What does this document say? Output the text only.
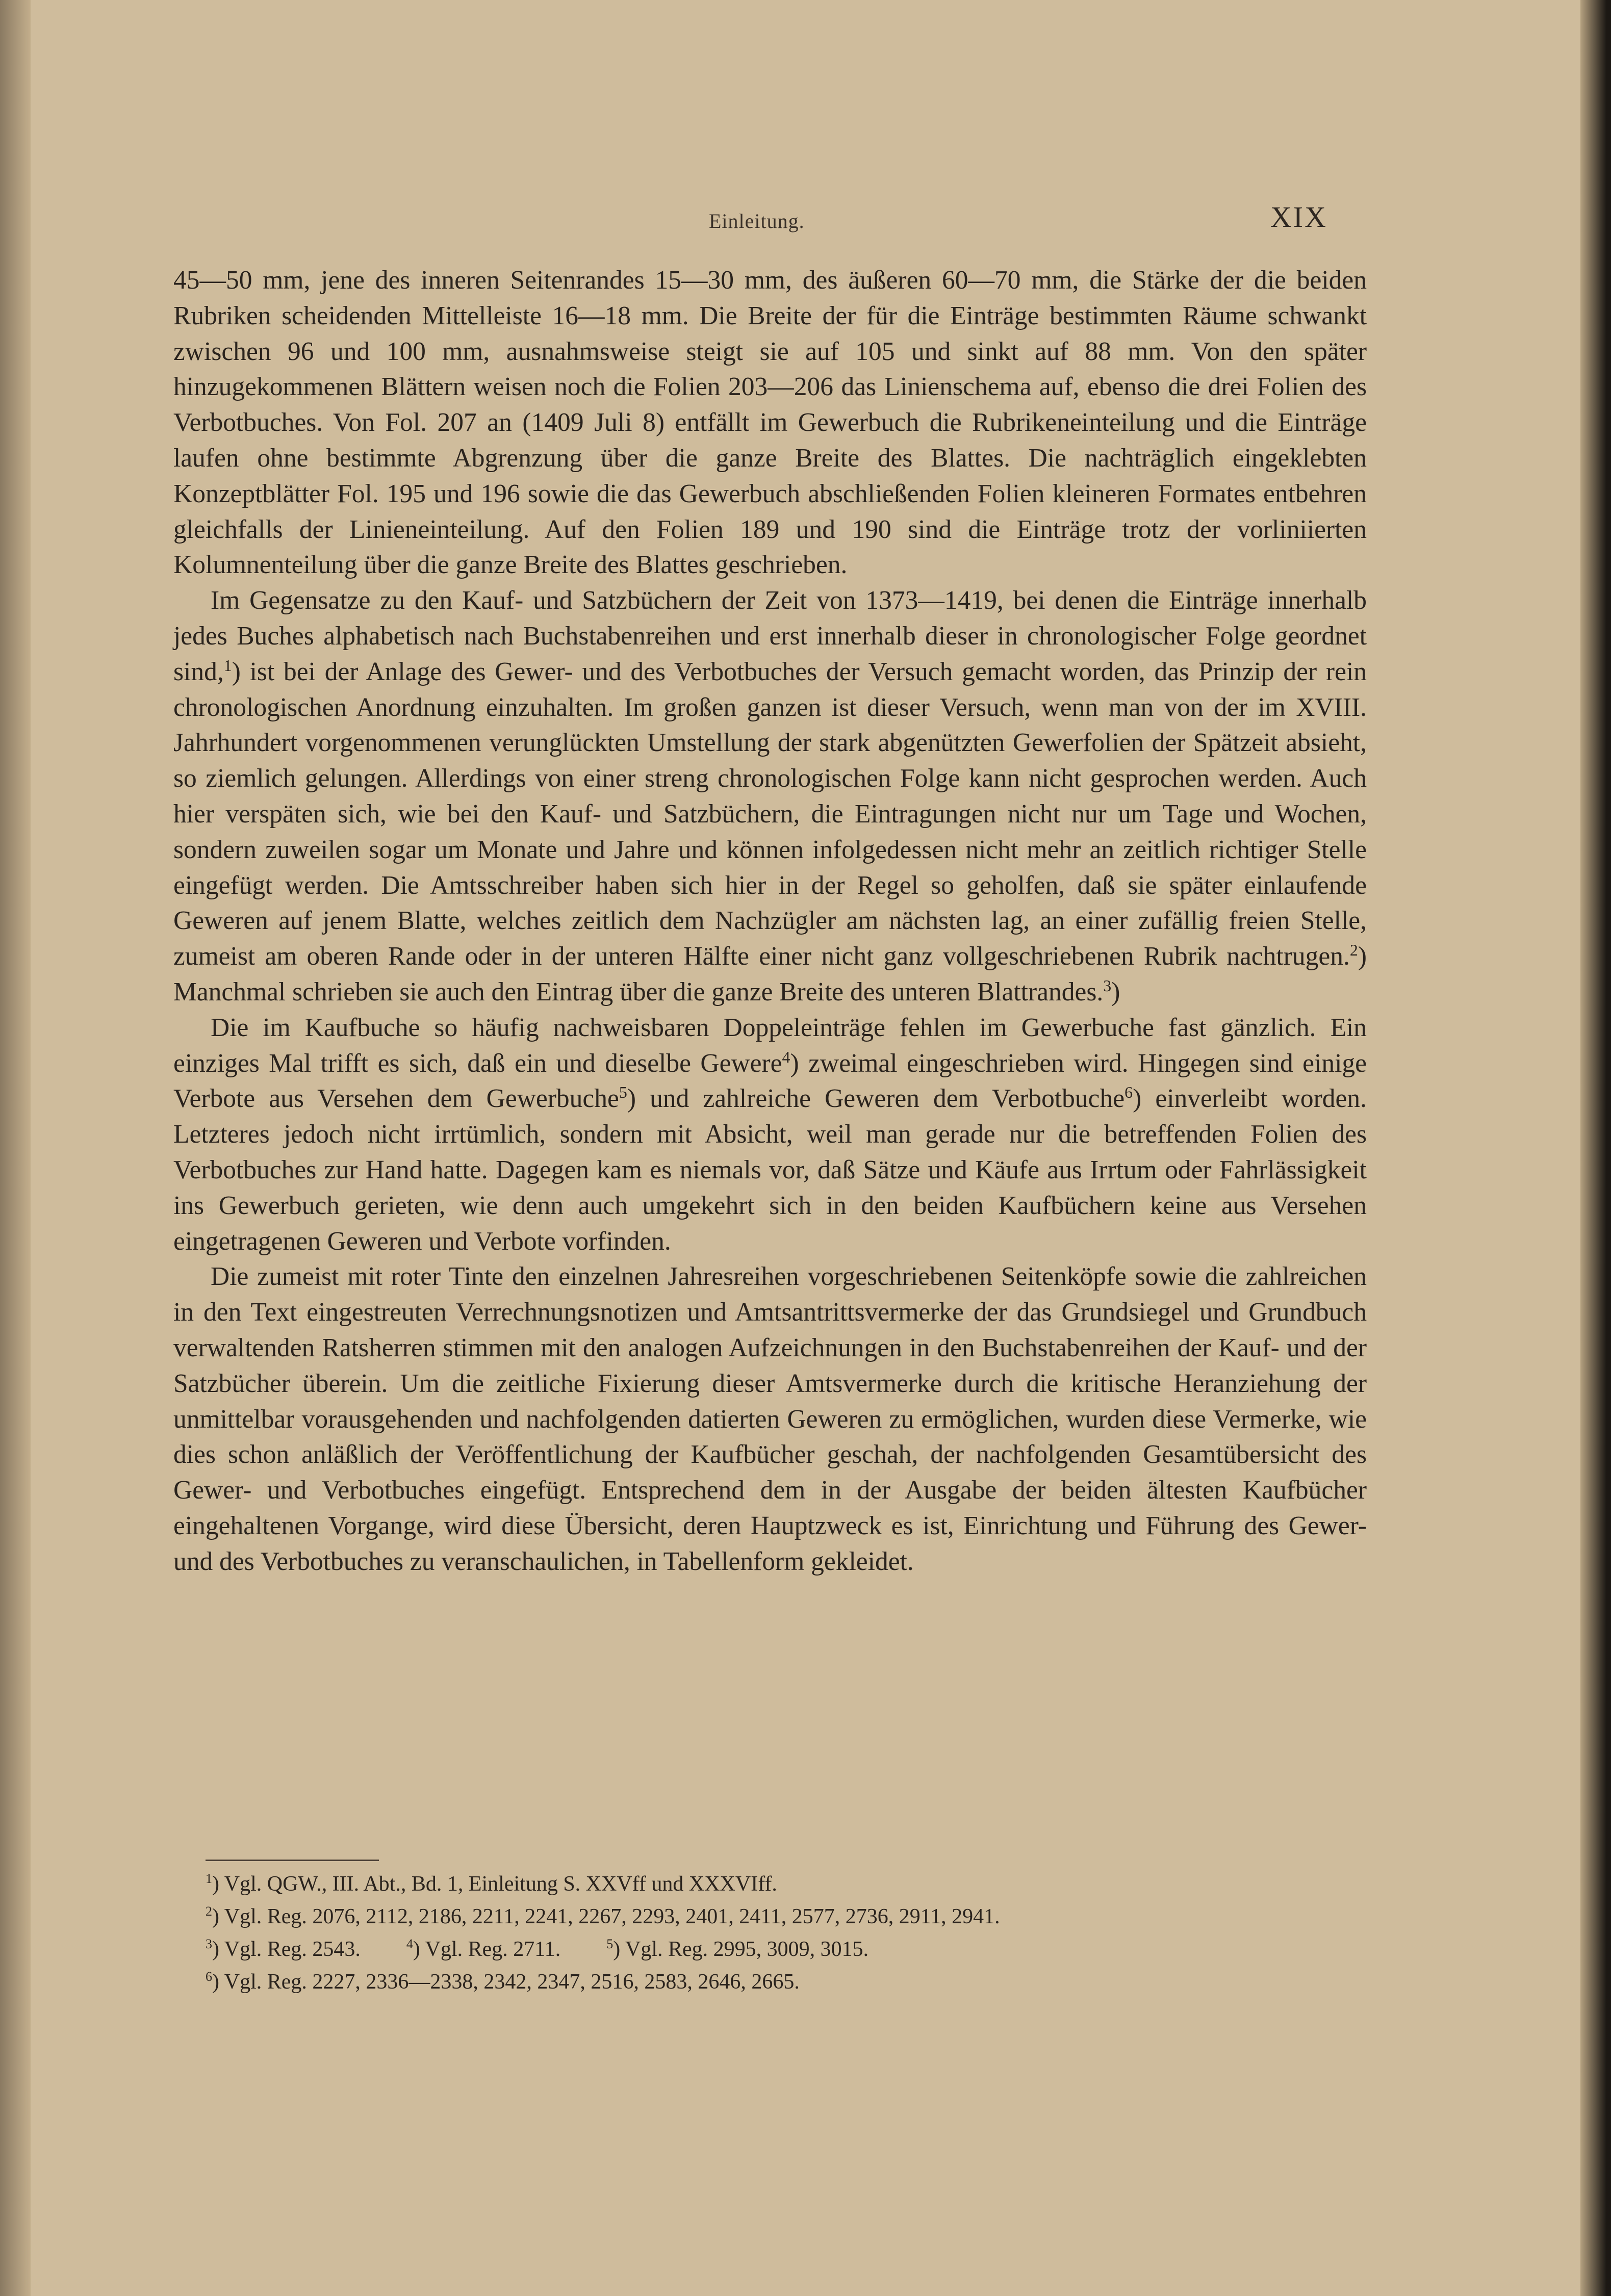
Einleitung.	XIX

45—50 mm, jene des inneren Seitenrandes 15—30 mm, des äußeren 60—70 mm, die Stärke der die beiden Rubriken scheidenden Mittelleiste 16—18 mm. Die Breite der für die Einträge bestimmten Räume schwankt zwischen 96 und 100 mm, ausnahmsweise steigt sie auf 105 und sinkt auf 88 mm. Von den später hinzugekommenen Blättern weisen noch die Folien 203—206 das Linienschema auf, ebenso die drei Folien des Verbotbuches. Von Fol. 207 an (1409 Juli 8) entfällt im Gewerbuch die Rubrikeneinteilung und die Einträge laufen ohne bestimmte Abgrenzung über die ganze Breite des Blattes. Die nachträglich eingeklebten Konzeptblätter Fol. 195 und 196 sowie die das Gewerbuch abschließenden Folien kleineren Formates entbehren gleichfalls der Linieneinteilung. Auf den Folien 189 und 190 sind die Einträge trotz der vorliniierten Kolumnenteilung über die ganze Breite des Blattes geschrieben.

Im Gegensatze zu den Kauf- und Satzbüchern der Zeit von 1373—1419, bei denen die Einträge innerhalb jedes Buches alphabetisch nach Buchstabenreihen und erst innerhalb dieser in chronologischer Folge geordnet sind,$^1$) ist bei der Anlage des Gewer- und des Verbotbuches der Versuch gemacht worden, das Prinzip der rein chronologischen Anordnung einzuhalten. Im großen ganzen ist dieser Versuch, wenn man von der im XVIII. Jahrhundert vorgenommenen verunglückten Umstellung der stark abgenützten Gewerfolien der Spätzeit absieht, so ziemlich gelungen. Allerdings von einer streng chronologischen Folge kann nicht gesprochen werden. Auch hier verspäten sich, wie bei den Kauf- und Satzbüchern, die Eintragungen nicht nur um Tage und Wochen, sondern zuweilen sogar um Monate und Jahre und können infolgedessen nicht mehr an zeitlich richtiger Stelle eingefügt werden. Die Amtsschreiber haben sich hier in der Regel so geholfen, daß sie später einlaufende Geweren auf jenem Blatte, welches zeitlich dem Nachzügler am nächsten lag, an einer zufällig freien Stelle, zumeist am oberen Rande oder in der unteren Hälfte einer nicht ganz vollgeschriebenen Rubrik nachtrugen.$^2$) Manchmal schrieben sie auch den Eintrag über die ganze Breite des unteren Blattrandes.$^3$)

Die im Kaufbuche so häufig nachweisbaren Doppeleinträge fehlen im Gewerbuche fast gänzlich. Ein einziges Mal trifft es sich, daß ein und dieselbe Gewere$^4$) zweimal eingeschrieben wird. Hingegen sind einige Verbote aus Versehen dem Gewerbuche$^5$) und zahlreiche Geweren dem Verbotbuche$^6$) einverleibt worden. Letzteres jedoch nicht irrtümlich, sondern mit Absicht, weil man gerade nur die betreffenden Folien des Verbotbuches zur Hand hatte. Dagegen kam es niemals vor, daß Sätze und Käufe aus Irrtum oder Fahrlässigkeit ins Gewerbuch gerieten, wie denn auch umgekehrt sich in den beiden Kaufbüchern keine aus Versehen eingetragenen Geweren und Verbote vorfinden.

Die zumeist mit roter Tinte den einzelnen Jahresreihen vorgeschriebenen Seitenköpfe sowie die zahlreichen in den Text eingestreuten Verrechnungsnotizen und Amtsantrittsvermerke der das Grundsiegel und Grundbuch verwaltenden Ratsherren stimmen mit den analogen Aufzeichnungen in den Buchstabenreihen der Kauf- und der Satzbücher überein. Um die zeitliche Fixierung dieser Amtsvermerke durch die kritische Heranziehung der unmittelbar vorausgehenden und nachfolgenden datierten Geweren zu ermöglichen, wurden diese Vermerke, wie dies schon anläßlich der Veröffentlichung der Kaufbücher geschah, der nachfolgenden Gesamtübersicht des Gewer- und Verbotbuches eingefügt. Entsprechend dem in der Ausgabe der beiden ältesten Kaufbücher eingehaltenen Vorgange, wird diese Übersicht, deren Hauptzweck es ist, Einrichtung und Führung des Gewer- und des Verbotbuches zu veranschaulichen, in Tabellenform gekleidet.

$^1$) Vgl. QGW., III. Abt., Bd. 1, Einleitung S. XXVff und XXXVIff.
$^2$) Vgl. Reg. 2076, 2112, 2186, 2211, 2241, 2267, 2293, 2401, 2411, 2577, 2736, 2911, 2941.
$^3$) Vgl. Reg. 2543.	$^4$) Vgl. Reg. 2711.	$^5$) Vgl. Reg. 2995, 3009, 3015.
$^6$) Vgl. Reg. 2227, 2336—2338, 2342, 2347, 2516, 2583, 2646, 2665.
